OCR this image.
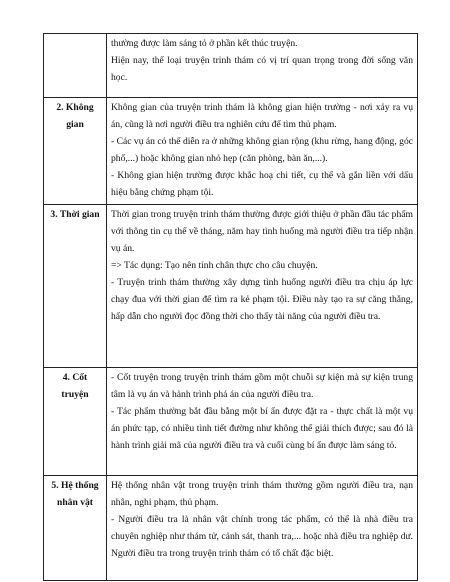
	thường được làm sáng tỏ ở phần kết thúc truyện.

Hiện nay, thể loại truyện trinh thám có vị trí quan trọng trong đời sống văn học.

2. Không gian	Không gian của truyện trinh thám là không gian hiện trường - nơi xảy ra vụ án, cũng là nơi người điều tra nghiên cứu để tìm thủ phạm.

- Các vụ án có thể diễn ra ở những không gian rộng (khu rừng, hang động, góc phố,...) hoặc không gian nhỏ hẹp (căn phòng, bàn ăn,...).

- Không gian hiện trường được khắc hoạ chi tiết, cụ thể và gắn liền với dấu hiệu bằng chứng phạm tội.

3. Thời gian	Thời gian trong truyện trinh thám thường được giới thiệu ở phần đầu tác phẩm với thông tin cụ thể về tháng, năm hay tình huống mà người điều tra tiếp nhận vụ án.

=> Tác dụng: Tạo nên tính chân thực cho câu chuyện.

- Truyện trinh thám thường xây dựng tình huống người điều tra chịu áp lực chạy đua với thời gian để tìm ra kẻ phạm tội. Điều này tạo ra sự căng thẳng, hấp dẫn cho người đọc đồng thời cho thấy tài năng của người điều tra.

4. Cốt truyện	- Cốt truyện trong truyện trinh thám gồm một chuỗi sự kiện mà sự kiện trung tâm là vụ án và hành trình phá án của người điều tra.

- Tác phẩm thường bắt đầu bằng một bí ẩn được đặt ra - thực chất là một vụ án phức tạp, có nhiều tình tiết đường như không thể giải thích được; sau đó là hành trình giải mã của người điều tra và cuối cùng bí ẩn được làm sáng tỏ.

5. Hệ thống nhân vật	Hệ thống nhân vật trong truyện trinh thám thường gồm người điều tra, nạn nhân, nghi phạm, thủ phạm.

- Người điều tra là nhân vật chính trong tác phẩm, có thể là nhà điều tra chuyên nghiệp như thám tử, cảnh sát, thanh tra,... hoặc nhà điều tra nghiệp dư. Người điều tra trong truyện trinh thám có tố chất đặc biệt.
